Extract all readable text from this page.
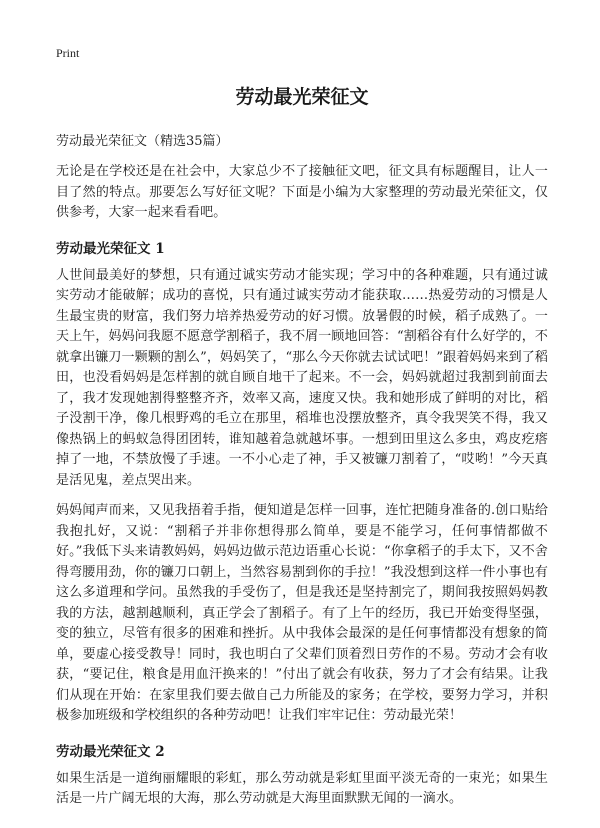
Print
劳动最光荣征文
劳动最光荣征文（精选35篇）

无论是在学校还是在社会中，大家总少不了接触征文吧，征文具有标题醒目，让人一目了然的特点。那要怎么写好征文呢？下面是小编为大家整理的劳动最光荣征文，仅供参考，大家一起来看看吧。

劳动最光荣征文 1

人世间最美好的梦想，只有通过诚实劳动才能实现；学习中的各种难题，只有通过诚实劳动才能破解；成功的喜悦，只有通过诚实劳动才能获取……热爱劳动的习惯是人生最宝贵的财富，我们努力培养热爱劳动的好习惯。放暑假的时候，稻子成熟了。一天上午，妈妈问我愿不愿意学割稻子，我不屑一顾地回答：“割稻谷有什么好学的，不就拿出镰刀一颗颗的割么”，妈妈笑了，“那么今天你就去试试吧！”跟着妈妈来到了稻田，也没看妈妈是怎样割的就自顾自地干了起来。不一会，妈妈就超过我割到前面去了，我才发现她割得整整齐齐，效率又高，速度又快。我和她形成了鲜明的对比，稻子没割干净，像几根野鸡的毛立在那里，稻堆也没摆放整齐，真令我哭笑不得，我又像热锅上的蚂蚁急得团团转，谁知越着急就越坏事。一想到田里这么多虫，鸡皮疙瘩掉了一地，不禁放慢了手速。一不小心走了神，手又被镰刀割着了，“哎哟！”今天真是活见鬼，差点哭出来。

妈妈闻声而来，又见我捂着手指，便知道是怎样一回事，连忙把随身准备的.创口贴给我抱扎好，又说：“割稻子并非你想得那么简单，要是不能学习，任何事情都做不好。”我低下头来请教妈妈，妈妈边做示范边语重心长说：“你拿稻子的手太下，又不舍得弯腰用劲，你的镰刀口朝上，当然容易割到你的手拉！”我没想到这样一件小事也有这么多道理和学问。虽然我的手受伤了，但是我还是坚持割完了，期间我按照妈妈教我的方法，越割越顺利，真正学会了割稻子。有了上午的经历，我已开始变得坚强，变的独立，尽管有很多的困难和挫折。从中我体会最深的是任何事情都没有想象的简单，要虚心接受教导！同时，我也明白了父辈们顶着烈日劳作的不易。劳动才会有收获，“要记住，粮食是用血汗换来的！”付出了就会有收获，努力了才会有结果。让我们从现在开始：在家里我们要去做自己力所能及的家务；在学校，要努力学习，并积极参加班级和学校组织的各种劳动吧！让我们牢牢记住：劳动最光荣！

劳动最光荣征文 2

如果生活是一道绚丽耀眼的彩虹，那么劳动就是彩虹里面平淡无奇的一束光；如果生活是一片广阔无垠的大海，那么劳动就是大海里面默默无闻的一滴水。
